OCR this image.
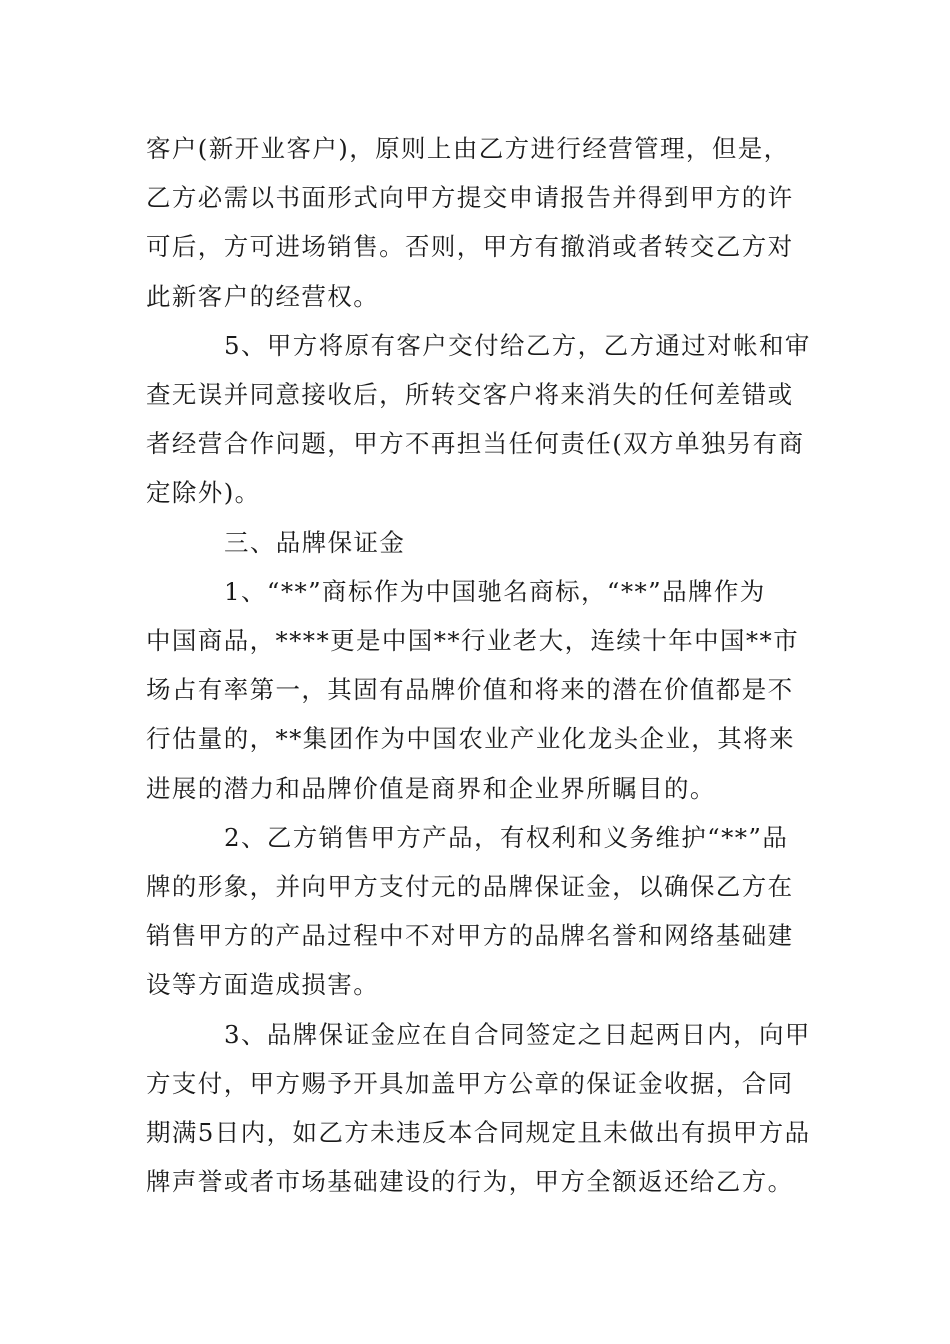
客户(新开业客户)，原则上由乙方进行经营管理，但是，
乙方必需以书面形式向甲方提交申请报告并得到甲方的许
可后，方可进场销售。否则，甲方有撤消或者转交乙方对
此新客户的经营权。

5、甲方将原有客户交付给乙方，乙方通过对帐和审
查无误并同意接收后，所转交客户将来消失的任何差错或
者经营合作问题，甲方不再担当任何责任(双方单独另有商
定除外)。

三、品牌保证金

1、“**”商标作为中国驰名商标，“**”品牌作为
中国商品，****更是中国**行业老大，连续十年中国**市
场占有率第一，其固有品牌价值和将来的潜在价值都是不
行估量的，**集团作为中国农业产业化龙头企业，其将来
进展的潜力和品牌价值是商界和企业界所瞩目的。

2、乙方销售甲方产品，有权利和义务维护“**”品
牌的形象，并向甲方支付元的品牌保证金，以确保乙方在
销售甲方的产品过程中不对甲方的品牌名誉和网络基础建
设等方面造成损害。

3、品牌保证金应在自合同签定之日起两日内，向甲
方支付，甲方赐予开具加盖甲方公章的保证金收据，合同
期满5日内，如乙方未违反本合同规定且未做出有损甲方品
牌声誉或者市场基础建设的行为，甲方全额返还给乙方。
